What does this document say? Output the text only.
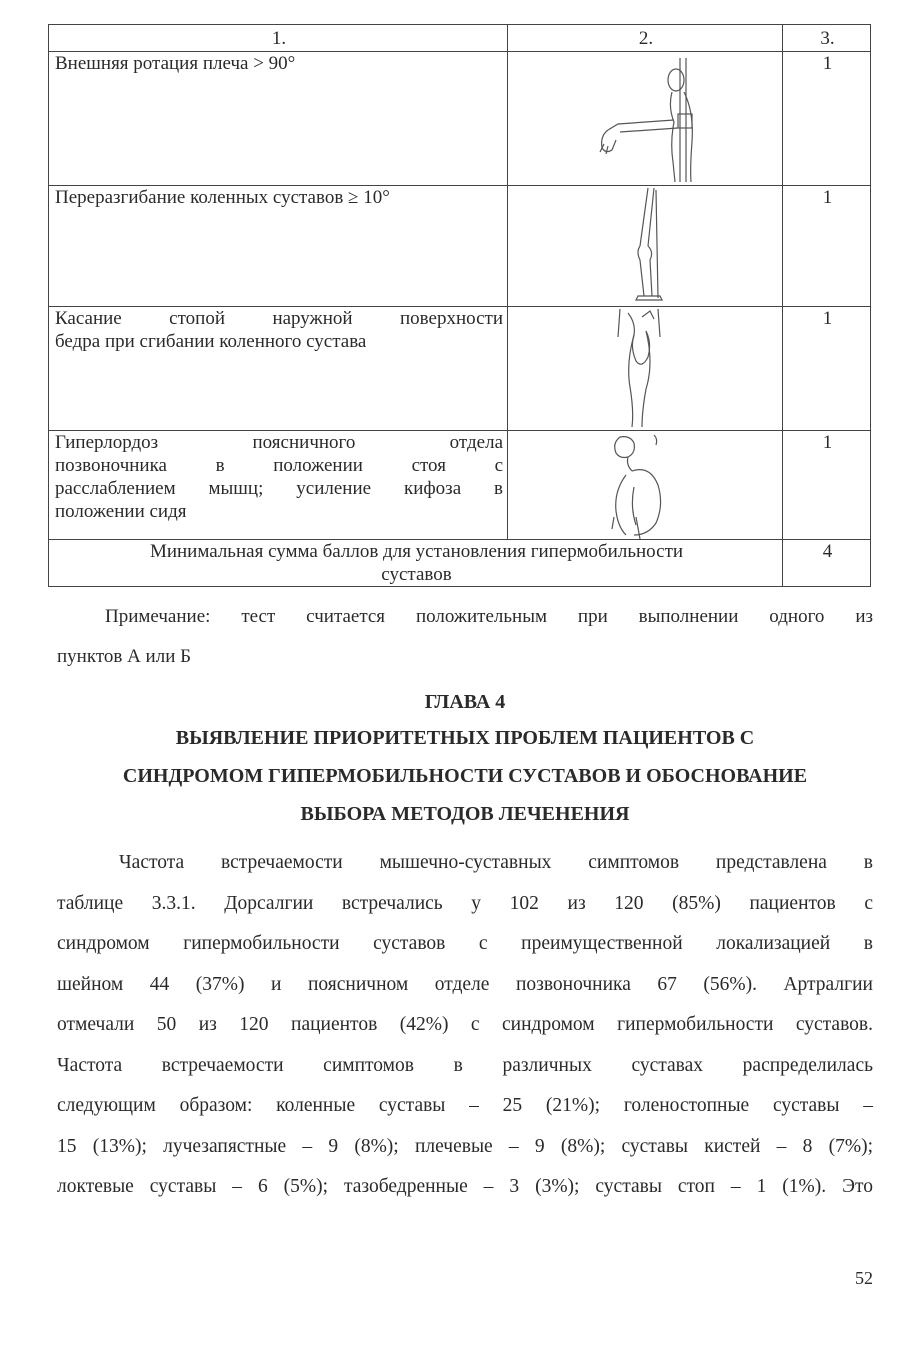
1.	2.	3.
Внешняя ротация плеча > 90°		1
Переразгибание коленных суставов ≥ 10°		1

Касание стопой наружной поверхности
бедра при сгибании коленного сустава		1

Гиперлордоз поясничного отдела
позвоночника в положении стоя с
расслаблением мышц; усиление кифоза в
положении сидя		1

Минимальная сумма баллов для установления гипермобильности
суставов		4
Примечание: тест считается положительным при выполнении одного из
пунктов А или Б
ГЛАВА 4
ВЫЯВЛЕНИЕ ПРИОРИТЕТНЫХ ПРОБЛЕМ ПАЦИЕНТОВ С
СИНДРОМОМ ГИПЕРМОБИЛЬНОСТИ СУСТАВОВ И ОБОСНОВАНИЕ
ВЫБОРА МЕТОДОВ ЛЕЧЕНЕНИЯ
Частота встречаемости мышечно-суставных симптомов представлена в
таблице 3.3.1. Дорсалгии встречались у 102 из 120 (85%) пациентов с
синдромом гипермобильности суставов с преимущественной локализацией в
шейном 44 (37%) и поясничном отделе позвоночника 67 (56%). Артралгии
отмечали 50 из 120 пациентов (42%) с синдромом гипермобильности суставов.
Частота встречаемости симптомов в различных суставах распределилась
следующим образом: коленные суставы – 25 (21%); голеностопные суставы –
15 (13%); лучезапястные – 9 (8%); плечевые – 9 (8%); суставы кистей – 8 (7%);
локтевые суставы – 6 (5%); тазобедренные – 3 (3%); суставы стоп – 1 (1%). Это
52
